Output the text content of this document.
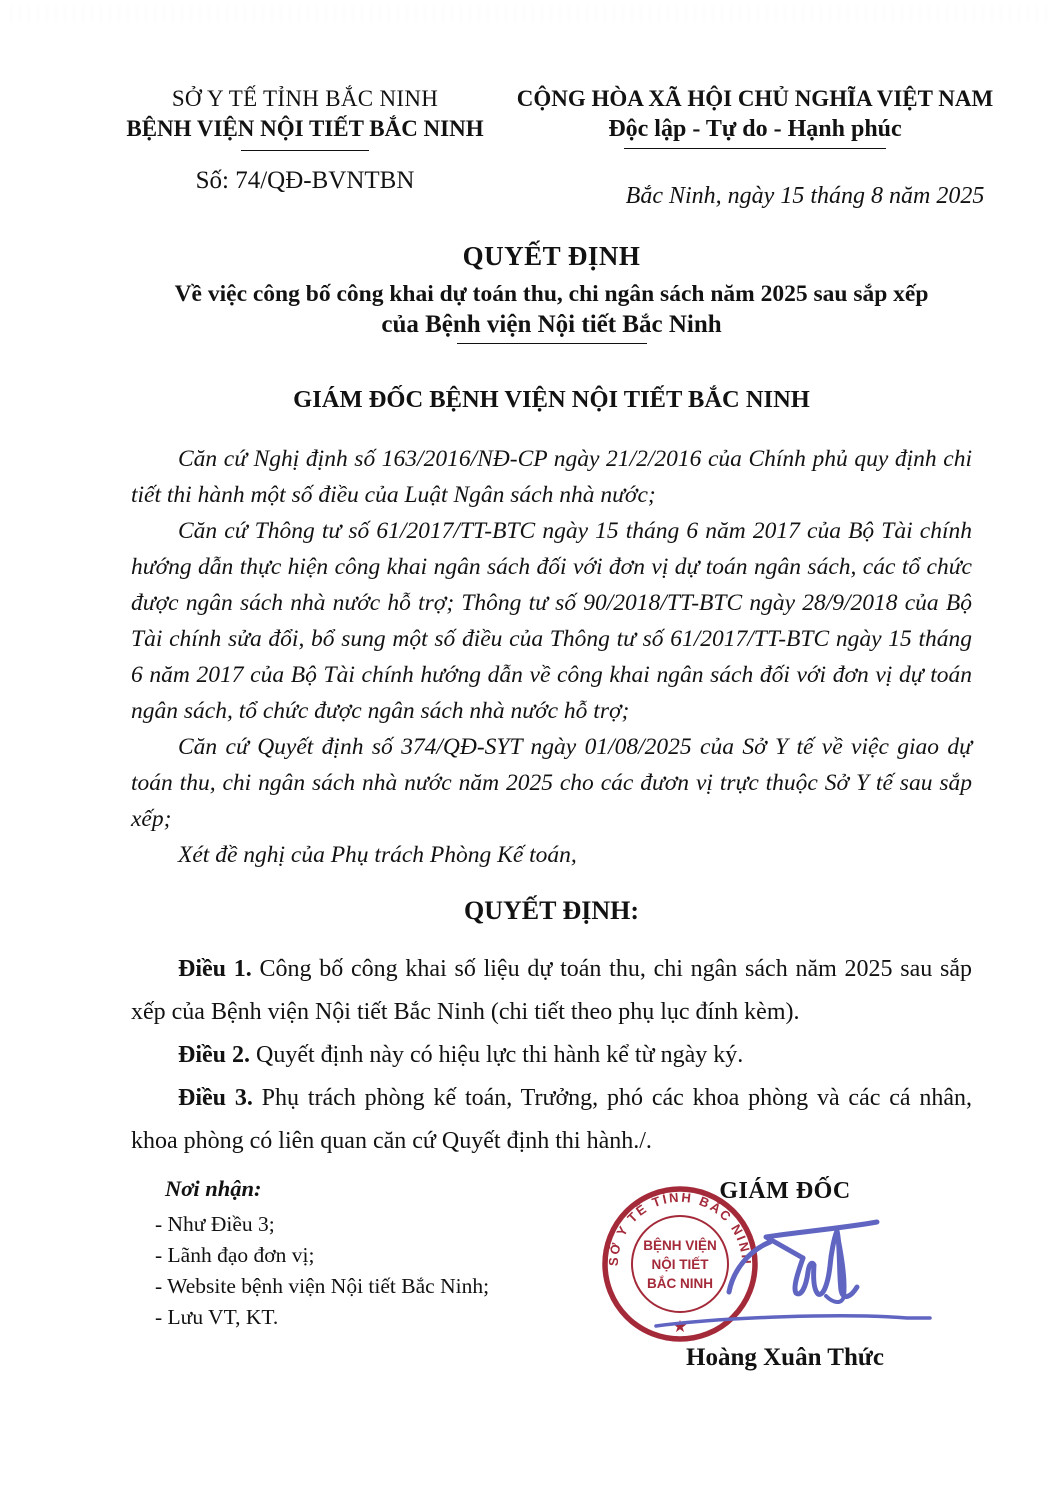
SỞ Y TẾ TỈNH BẮC NINH
BỆNH VIỆN NỘI TIẾT BẮC NINH
Số: 74/QĐ-BVNTBN
CỘNG HÒA XÃ HỘI CHỦ NGHĨA VIỆT NAM
Độc lập - Tự do - Hạnh phúc
Bắc Ninh, ngày 15 tháng 8 năm 2025
QUYẾT ĐỊNH
Về việc công bố công khai dự toán thu, chi ngân sách năm 2025 sau sắp xếp
của Bệnh viện Nội tiết Bắc Ninh
GIÁM ĐỐC BỆNH VIỆN NỘI TIẾT BẮC NINH

Căn cứ Nghị định số 163/2016/NĐ-CP ngày 21/2/2016 của Chính phủ quy định chi tiết thi hành một số điều của Luật Ngân sách nhà nước;

Căn cứ Thông tư số 61/2017/TT-BTC ngày 15 tháng 6 năm 2017 của Bộ Tài chính hướng dẫn thực hiện công khai ngân sách đối với đơn vị dự toán ngân sách, các tổ chức được ngân sách nhà nước hỗ trợ; Thông tư số 90/2018/TT-BTC ngày 28/9/2018 của Bộ Tài chính sửa đổi, bổ sung một số điều của Thông tư số 61/2017/TT-BTC ngày 15 tháng 6 năm 2017 của Bộ Tài chính hướng dẫn về công khai ngân sách đối với đơn vị dự toán ngân sách, tổ chức được ngân sách nhà nước hỗ trợ;

Căn cứ Quyết định số 374/QĐ-SYT ngày 01/08/2025 của Sở Y tế về việc giao dự toán thu, chi ngân sách nhà nước năm 2025 cho các đươn vị trực thuộc Sở Y tế sau sắp xếp;

Xét đề nghị của Phụ trách Phòng Kế toán,

QUYẾT ĐỊNH:

Điều 1. Công bố công khai số liệu dự toán thu, chi ngân sách năm 2025 sau sắp xếp của Bệnh viện Nội tiết Bắc Ninh (chi tiết theo phụ lục đính kèm).

Điều 2. Quyết định này có hiệu lực thi hành kể từ ngày ký.

Điều 3. Phụ trách phòng kế toán, Trưởng, phó các khoa phòng và các cá nhân, khoa phòng có liên quan căn cứ Quyết định thi hành./.

Nơi nhận:
- Như Điều 3;
- Lãnh đạo đơn vị;
- Website bệnh viện Nội tiết Bắc Ninh;
- Lưu VT, KT.
GIÁM ĐỐC
SỞ Y TẾ TỈNH BẮC NINH
BỆNH VIỆN
NỘI TIẾT
BẮC NINH
★
Hoàng Xuân Thức
